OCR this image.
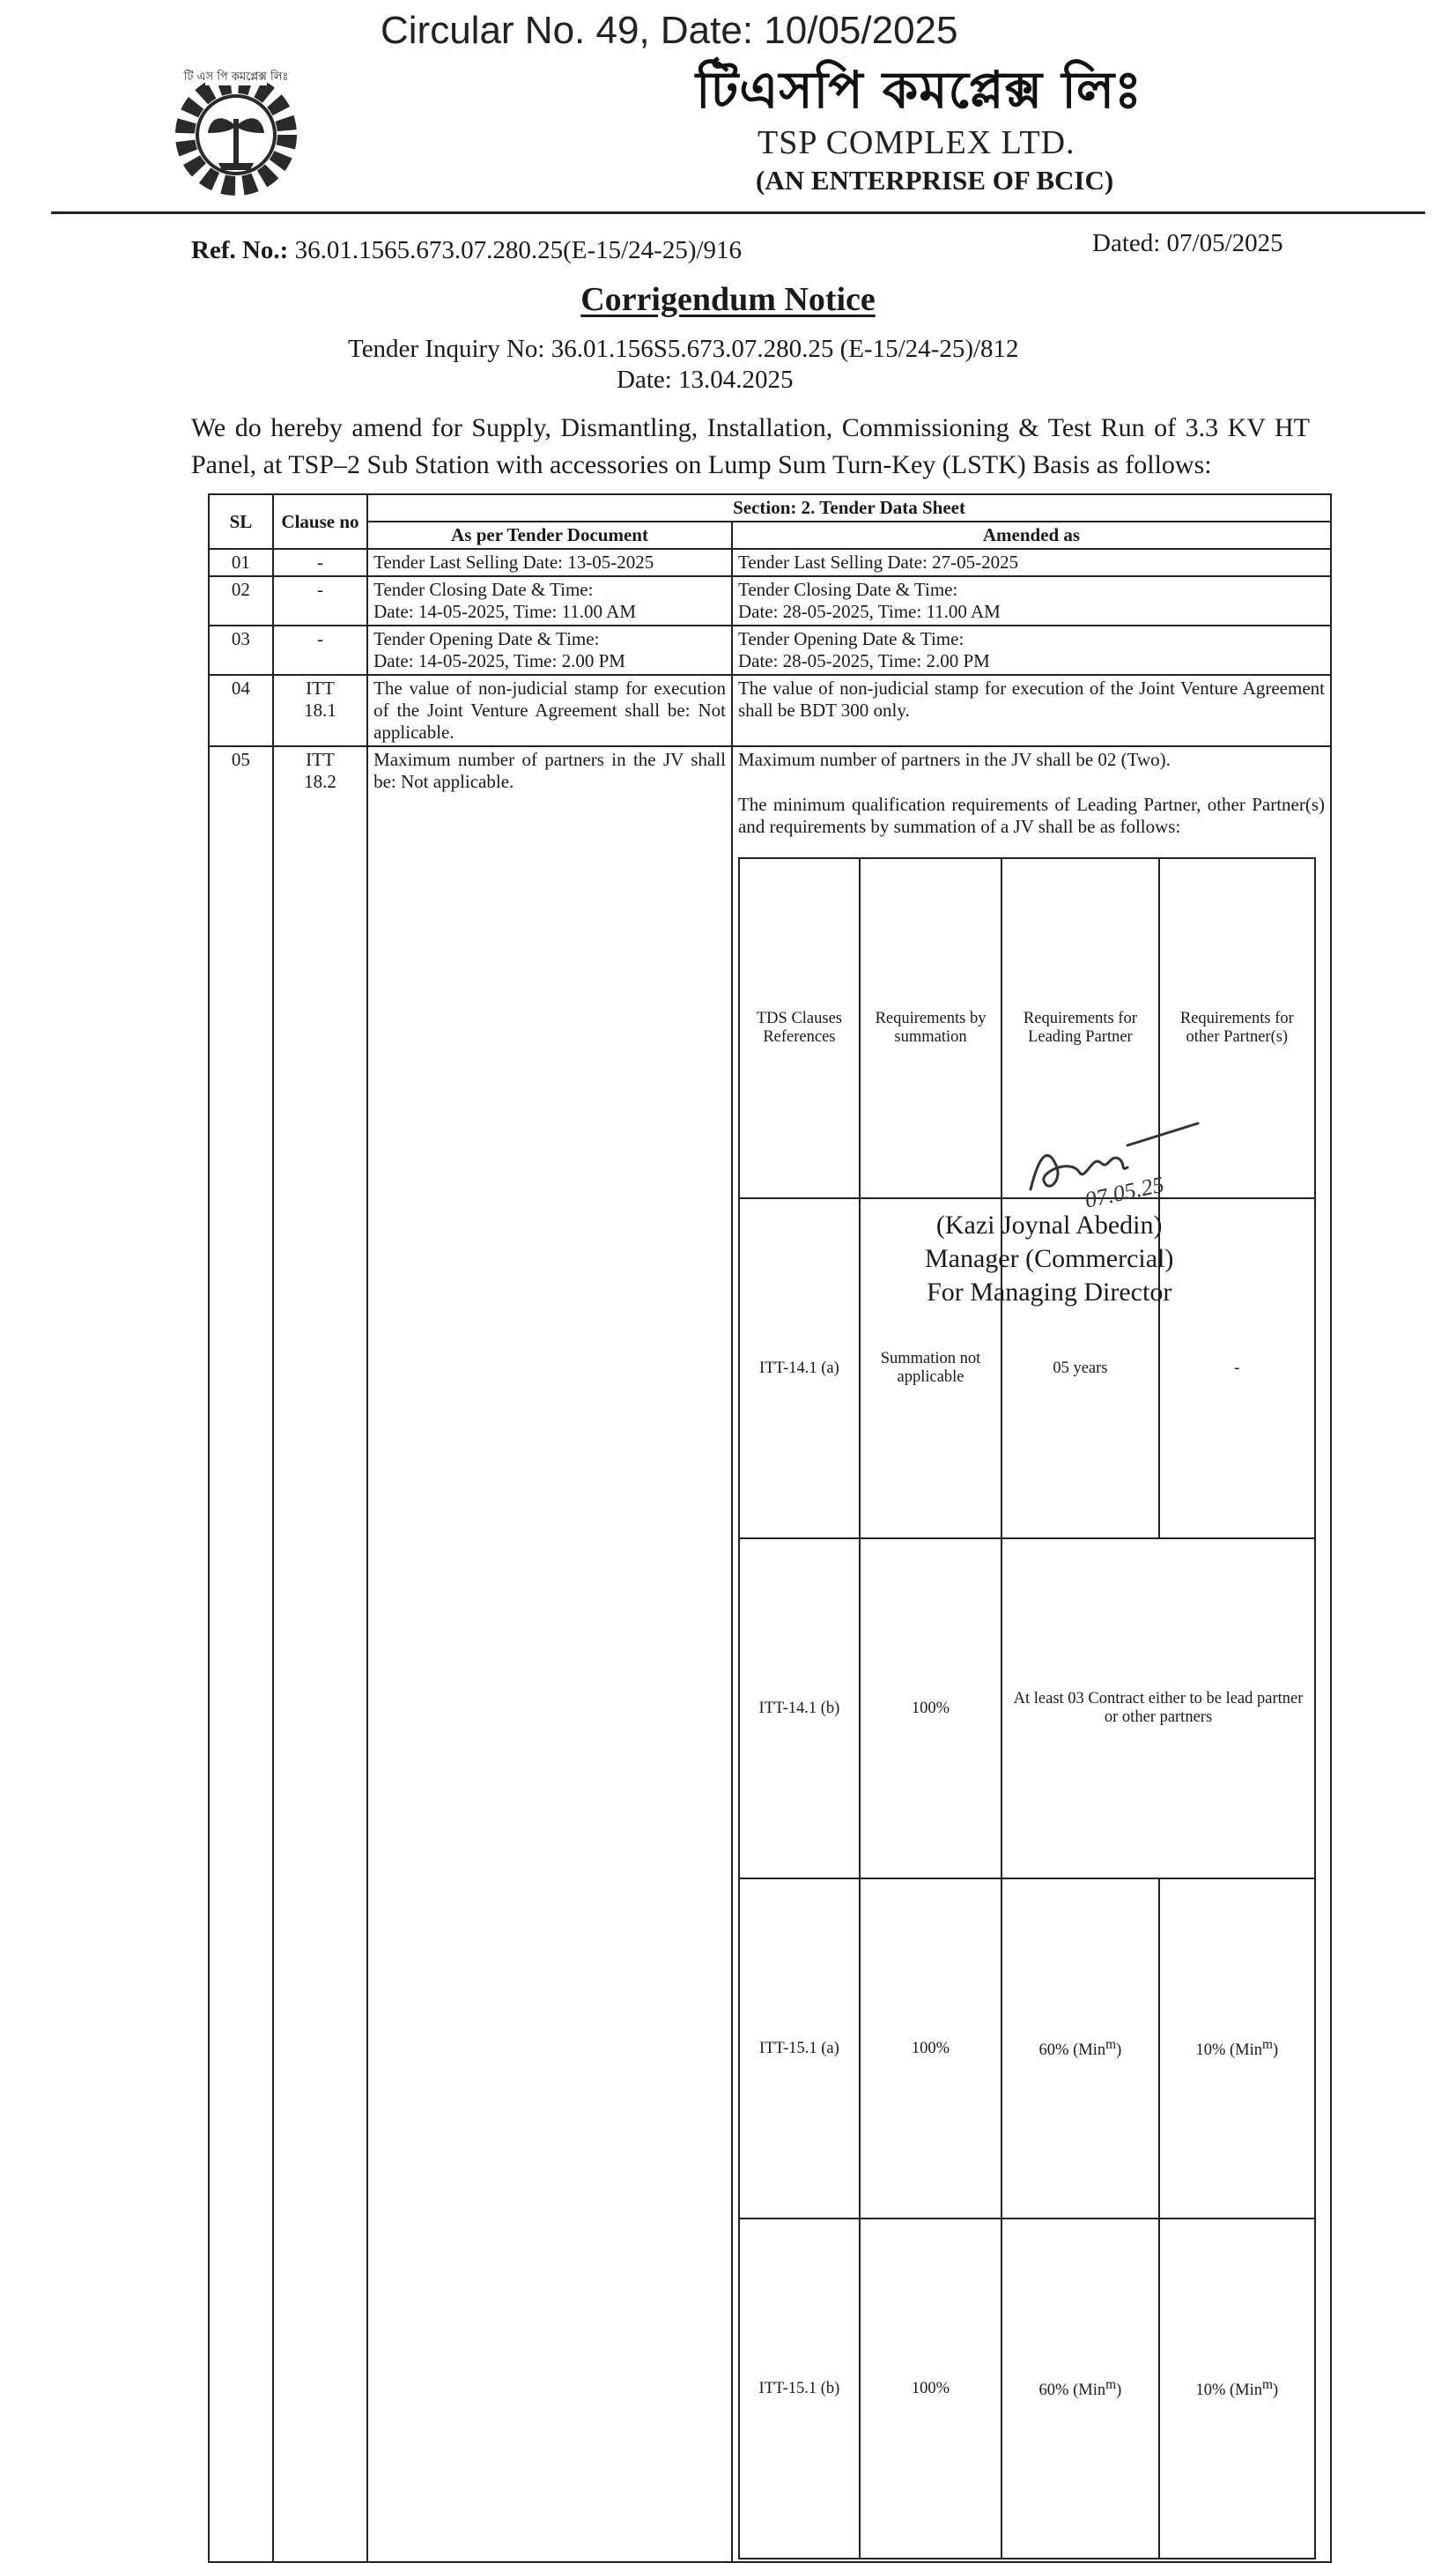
Circular No. 49, Date: 10/05/2025
টি এস পি কমপ্লেক্স লিঃ	টিএসপি কমপ্লেক্স লিঃ
TSP COMPLEX LTD.
(AN ENTERPRISE OF BCIC)
Ref. No.: 36.01.1565.673.07.280.25(E-15/24-25)/916	Dated: 07/05/2025
Corrigendum Notice
Tender Inquiry No: 36.01.156S5.673.07.280.25 (E-15/24-25)/812
Date: 13.04.2025
We do hereby amend for Supply, Dismantling, Installation, Commissioning & Test Run of 3.3 KV HT Panel, at TSP–2 Sub Station with accessories on Lump Sum Turn-Key (LSTK) Basis as follows:
SL	Clause no	Section: 2. Tender Data Sheet
As per Tender Document	Amended as
01	-	Tender Last Selling Date: 13-05-2025	Tender Last Selling Date: 27-05-2025
02	-	Tender Closing Date & Time:
Date: 14-05-2025, Time: 11.00 AM

Tender Closing Date & Time:
Date: 28-05-2025, Time: 11.00 AM

03	-	Tender Opening Date & Time:
Date: 14-05-2025, Time: 2.00 PM

Tender Opening Date & Time:
Date: 28-05-2025, Time: 2.00 PM

04	ITT
18.1
	The value of non-judicial stamp for execution of the Joint Venture Agreement shall be: Not applicable.	The value of non-judicial stamp for execution of the Joint Venture Agreement shall be BDT 300 only.
05	ITT
18.2
	Maximum number of partners in the JV shall be: Not applicable.	
Maximum number of partners in the JV shall be 02 (Two).
The minimum qualification requirements of Leading Partner, other Partner(s) and requirements by summation of a JV shall be as follows:
TDS Clauses References	Requirements by summation	Requirements for Leading Partner	Requirements for other Partner(s)
ITT-14.1 (a)	Summation not applicable	05 years	-
ITT-14.1 (b)	100%	At least 03 Contract either to be lead partner or other partners
ITT-15.1 (a)	100%	60% (Min$^m$)	10% (Min$^m$)
ITT-15.1 (b)	100%	60% (Min$^m$)	10% (Min$^m$)
07.05.25
(Kazi Joynal Abedin)
Manager (Commercial)
For Managing Director
